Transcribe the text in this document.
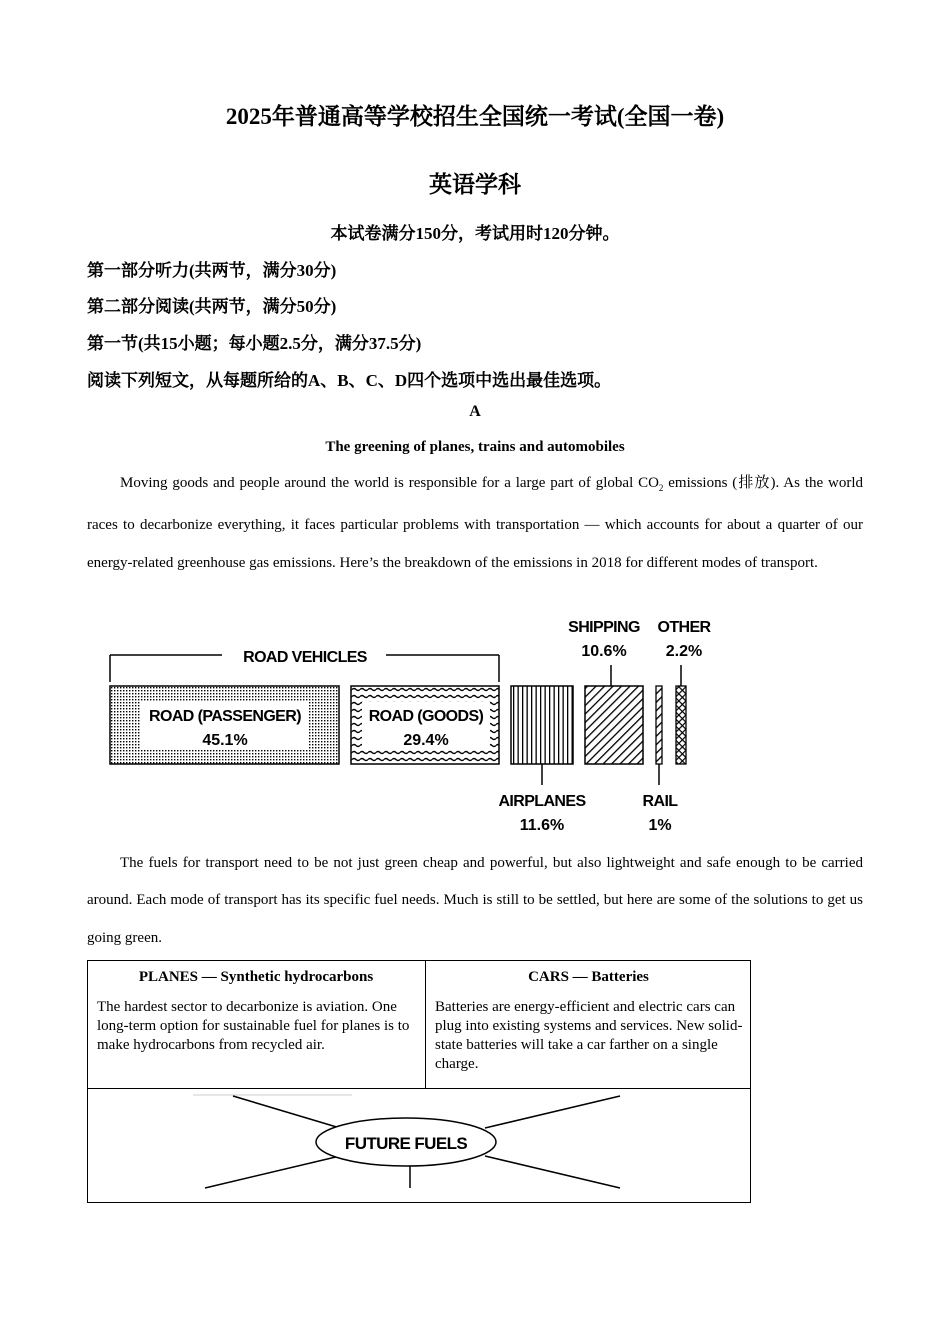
2025年普通高等学校招生全国统一考试(全国一卷)
英语学科
本试卷满分150分，考试用时120分钟。
第一部分听力(共两节，满分30分)
第二部分阅读(共两节，满分50分)
第一节(共15小题；每小题2.5分，满分37.5分)
阅读下列短文，从每题所给的A、B、C、D四个选项中选出最佳选项。
A
The greening of planes, trains and automobiles
Moving goods and people around the world is responsible for a large part of global $CO_2$ emissions (排放). As the world races to decarbonize everything, it faces particular problems with transportation — which accounts for about a quarter of our energy-related greenhouse gas emissions. Here’s the breakdown of the emissions in 2018 for different modes of transport.
ROAD VEHICLES
ROAD (PASSENGER)
45.1%
ROAD (GOODS)
29.4%
AIRPLANES
11.6%
SHIPPING
10.6%
RAIL
1%
OTHER
2.2%
The fuels for transport need to be not just green cheap and powerful, but also lightweight and safe enough to be carried around. Each mode of transport has its specific fuel needs. Much is still to be settled, but here are some of the solutions to get us going green.
PLANES — Synthetic hydrocarbons
The hardest sector to decarbonize is aviation. One long-term option for sustainable fuel for planes is to make hydrocarbons from recycled air.
CARS — Batteries
Batteries are energy-efficient and electric cars can plug into existing systems and services. New solid-state batteries will take a car farther on a single charge.
FUTURE FUELS
